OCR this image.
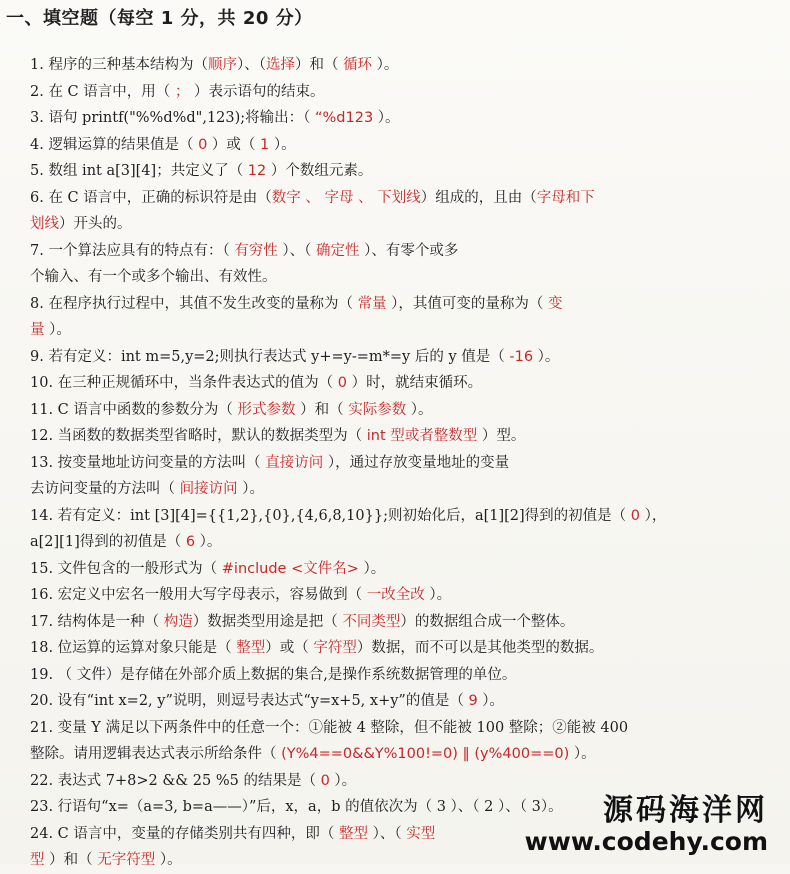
一、填空题（每空 1 分，共 20 分）
1. 程序的三种基本结构为（顺序）、（选择）和（ 循环 ）。
2. 在 C 语言中，用（ ； ）表示语句的结束。
3. 语句 printf("%%d%d",123);将输出：（ “%d123 ）。
4. 逻辑运算的结果值是（ 0 ）或（ 1 ）。
5. 数组 int a[3][4]；共定义了（ 12 ）个数组元素。
6. 在 C 语言中，正确的标识符是由（数字 、 字母 、 下划线）组成的，且由（字母和下
划线）开头的。
7. 一个算法应具有的特点有：（ 有穷性 ）、（ 确定性 ）、有零个或多
个输入、有一个或多个输出、有效性。
8. 在程序执行过程中，其值不发生改变的量称为（ 常量 ），其值可变的量称为（ 变
量 ）。
9. 若有定义：int m=5,y=2;则执行表达式 y+=y-=m*=y 后的 y 值是（ -16 ）。
10. 在三种正规循环中，当条件表达式的值为（ 0 ）时，就结束循环。
11. C 语言中函数的参数分为（ 形式参数 ）和（ 实际参数 ）。
12. 当函数的数据类型省略时，默认的数据类型为（ int 型或者整数型 ）型。
13. 按变量地址访问变量的方法叫（ 直接访问 ），通过存放变量地址的变量
去访问变量的方法叫（ 间接访问 ）。
14. 若有定义：int [3][4]={{1,2},{0},{4,6,8,10}};则初始化后，a[1][2]得到的初值是（ 0 ），
a[2][1]得到的初值是（ 6 ）。
15. 文件包含的一般形式为（ #include <文件名> ）。
16. 宏定义中宏名一般用大写字母表示，容易做到（ 一改全改 ）。
17. 结构体是一种（ 构造）数据类型用途是把（ 不同类型）的数据组合成一个整体。
18. 位运算的运算对象只能是（ 整型）或（ 字符型）数据，而不可以是其他类型的数据。
19. （ 文件）是存储在外部介质上数据的集合,是操作系统数据管理的单位。
20. 设有“int x=2, y”说明，则逗号表达式“y=x+5, x+y”的值是（ 9 ）。
21. 变量 Y 满足以下两条件中的任意一个：①能被 4 整除，但不能被 100 整除；②能被 400
整除。请用逻辑表达式表示所给条件（ (Y%4==0&&Y%100!=0) ‖ (y%400==0) ）。
22. 表达式 7+8>2 && 25 %5 的结果是（ 0 ）。
23. 行语句“x=（a=3, b=a——）”后，x，a，b 的值依次为（ 3 ）、（ 2 ）、（ 3）。
24. C 语言中，变量的存储类别共有四种，即（ 整型 ）、（ 实型
型 ）和（ 无字符型 ）。
源码海洋网
www.codehy.com
